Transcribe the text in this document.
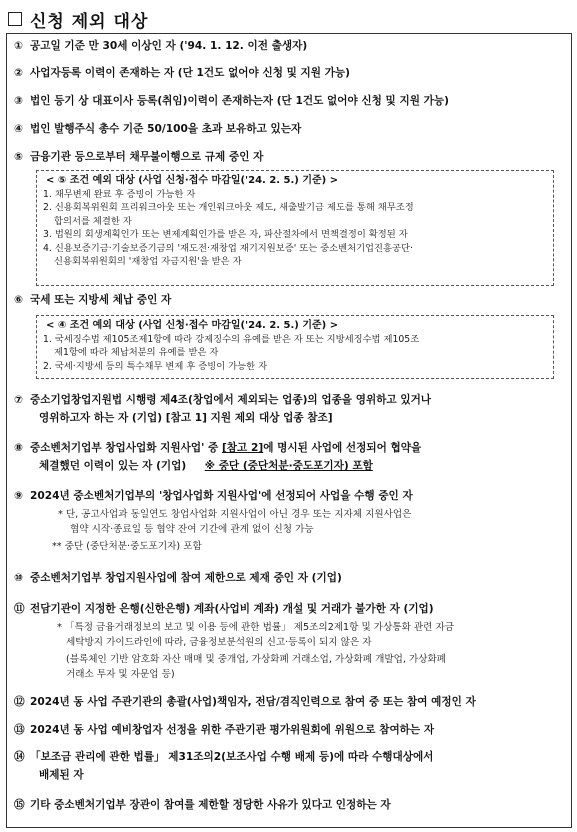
신청 제외 대상
① 공고일 기준 만 30세 이상인 자 ('94. 1. 12. 이전 출생자)
② 사업자등록 이력이 존재하는 자 (단 1건도 없어야 신청 및 지원 가능)
③ 법인 등기 상 대표이사 등록(취임)이력이 존재하는자 (단 1건도 없어야 신청 및 지원 가능)
④ 법인 발행주식 총수 기준 50/100을 초과 보유하고 있는자
⑤ 금융기관 등으로부터 채무불이행으로 규제 중인 자
< ⑤ 조건 예외 대상 (사업 신청·접수 마감일('24. 2. 5.) 기준) >
1. 채무변제 완료 후 증빙이 가능한 자
2. 신용회복위원회 프리워크아웃 또는 개인워크아웃 제도, 새출발기금 제도를 통해 채무조정
합의서를 체결한 자
3. 법원의 회생계획인가 또는 변제계획인가를 받은 자, 파산절차에서 면책결정이 확정된 자
4. 신용보증기금·기술보증기금의 '재도전·재창업 재기지원보증' 또는 중소벤처기업진흥공단·
신용회복위원회의 '재창업 자금지원'을 받은 자
⑥ 국세 또는 지방세 체납 중인 자
< ④ 조건 예외 대상 (사업 신청·접수 마감일('24. 2. 5.) 기준) >
1. 국세징수법 제105조제1항에 따라 강제징수의 유예를 받은 자 또는 지방세징수법 제105조
제1항에 따라 체납처분의 유예를 받은 자
2. 국세·지방세 등의 특수채무 변제 후 증빙이 가능한 자
⑦ 중소기업창업지원법 시행령 제4조(창업에서 제외되는 업종)의 업종을 영위하고 있거나
영위하고자 하는 자 (기업) [참고 1] 지원 제외 대상 업종 참조]
⑧ 중소벤처기업부 창업사업화 지원사업' 중 [참고 2]에 명시된 사업에 선정되어 협약을
체결했던 이력이 있는 자 (기업) ※ 중단 (중단처분·중도포기자) 포함
⑨ 2024년 중소벤처기업부의 '창업사업화 지원사업'에 선정되어 사업을 수행 중인 자
* 단, 공고사업과 동일연도 창업사업화 지원사업이 아닌 경우 또는 지자체 지원사업은
협약 시작·종료일 등 협약 잔여 기간에 관계 없이 신청 가능
** 중단 (중단처분·중도포기자) 포함
⑩ 중소벤처기업부 창업지원사업에 참여 제한으로 제재 중인 자 (기업)
⑪ 전담기관이 지정한 은행(신한은행) 계좌(사업비 계좌) 개설 및 거래가 불가한 자 (기업)
* 「특정 금융거래정보의 보고 및 이용 등에 관한 법률」 제5조의2제1항 및 가상통화 관련 자금
세탁방지 가이드라인에 따라, 금융정보분석원의 신고·등록이 되지 않은 자
(블록체인 기반 암호화 자산 매매 및 중개업, 가상화폐 거래소업, 가상화폐 개발업, 가상화폐
거래소 투자 및 자문업 등)
⑫ 2024년 동 사업 주관기관의 총괄(사업)책임자, 전담/겸직인력으로 참여 중 또는 참여 예정인 자
⑬ 2024년 동 사업 예비창업자 선정을 위한 주관기관 평가위원회에 위원으로 참여하는 자
⑭ 「보조금 관리에 관한 법률」 제31조의2(보조사업 수행 배제 등)에 따라 수행대상에서
배제된 자
⑮ 기타 중소벤처기업부 장관이 참여를 제한할 정당한 사유가 있다고 인정하는 자
